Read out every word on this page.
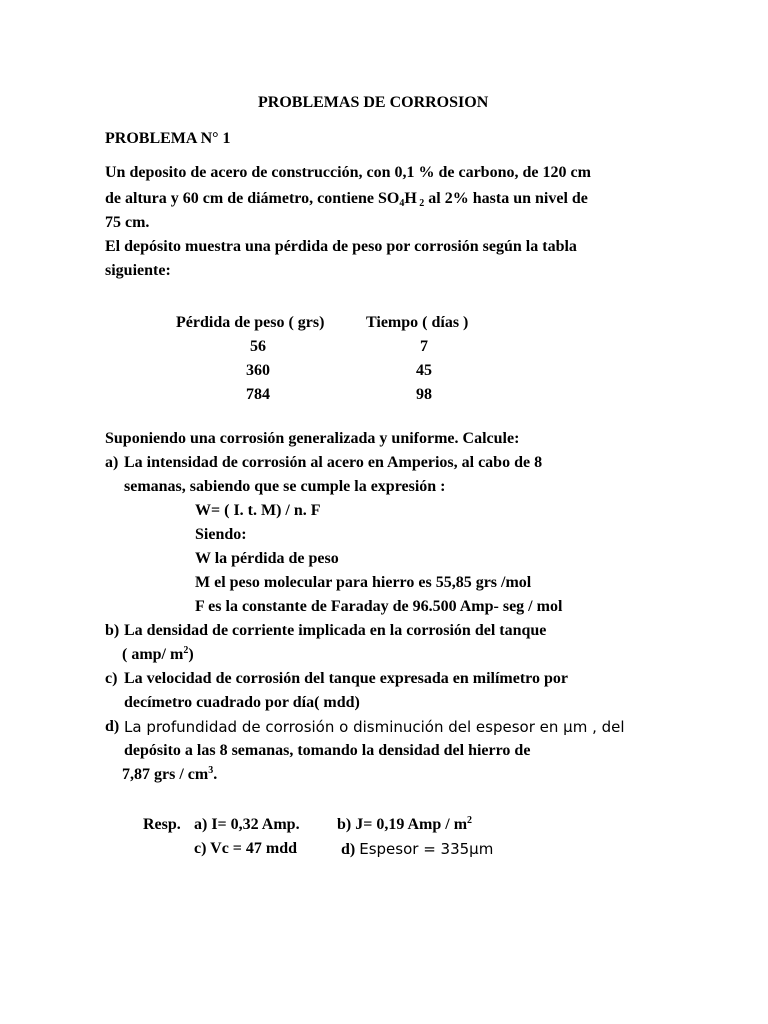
PROBLEMAS DE CORROSION
PROBLEMA N° 1
Un deposito de acero de construcción, con 0,1 % de carbono, de 120 cm
de altura y 60 cm de diámetro, contiene $SO_4H$ $_2$ al 2% hasta un nivel de
75 cm.
El depósito muestra una pérdida de peso por corrosión según la tabla
siguiente:
Pérdida de peso ( grs)	Tiempo ( días )
56	7
360	45
784	98
Suponiendo una corrosión generalizada y uniforme. Calcule:
a) La intensidad de corrosión al acero en Amperios, al cabo de 8
semanas, sabiendo que se cumple la expresión :
W= ( I. t. M) / n. F
Siendo:
W la pérdida de peso
M el peso molecular para hierro es 55,85 grs /mol
F es la constante de Faraday de 96.500 Amp- seg / mol
b) La densidad de corriente implicada en la corrosión del tanque
( amp/ $m^2$)
c) La velocidad de corrosión del tanque expresada en milímetro por
decímetro cuadrado por día( mdd)
d) La profundidad de corrosión o disminución del espesor en µm , del
depósito a las 8 semanas, tomando la densidad del hierro de
7,87 grs / $cm^3$.
Resp. a) I= 0,32 Amp. b) J= 0,19 Amp / $m^2$
c) Vc = 47 mdd	d) Espesor = 335µm
